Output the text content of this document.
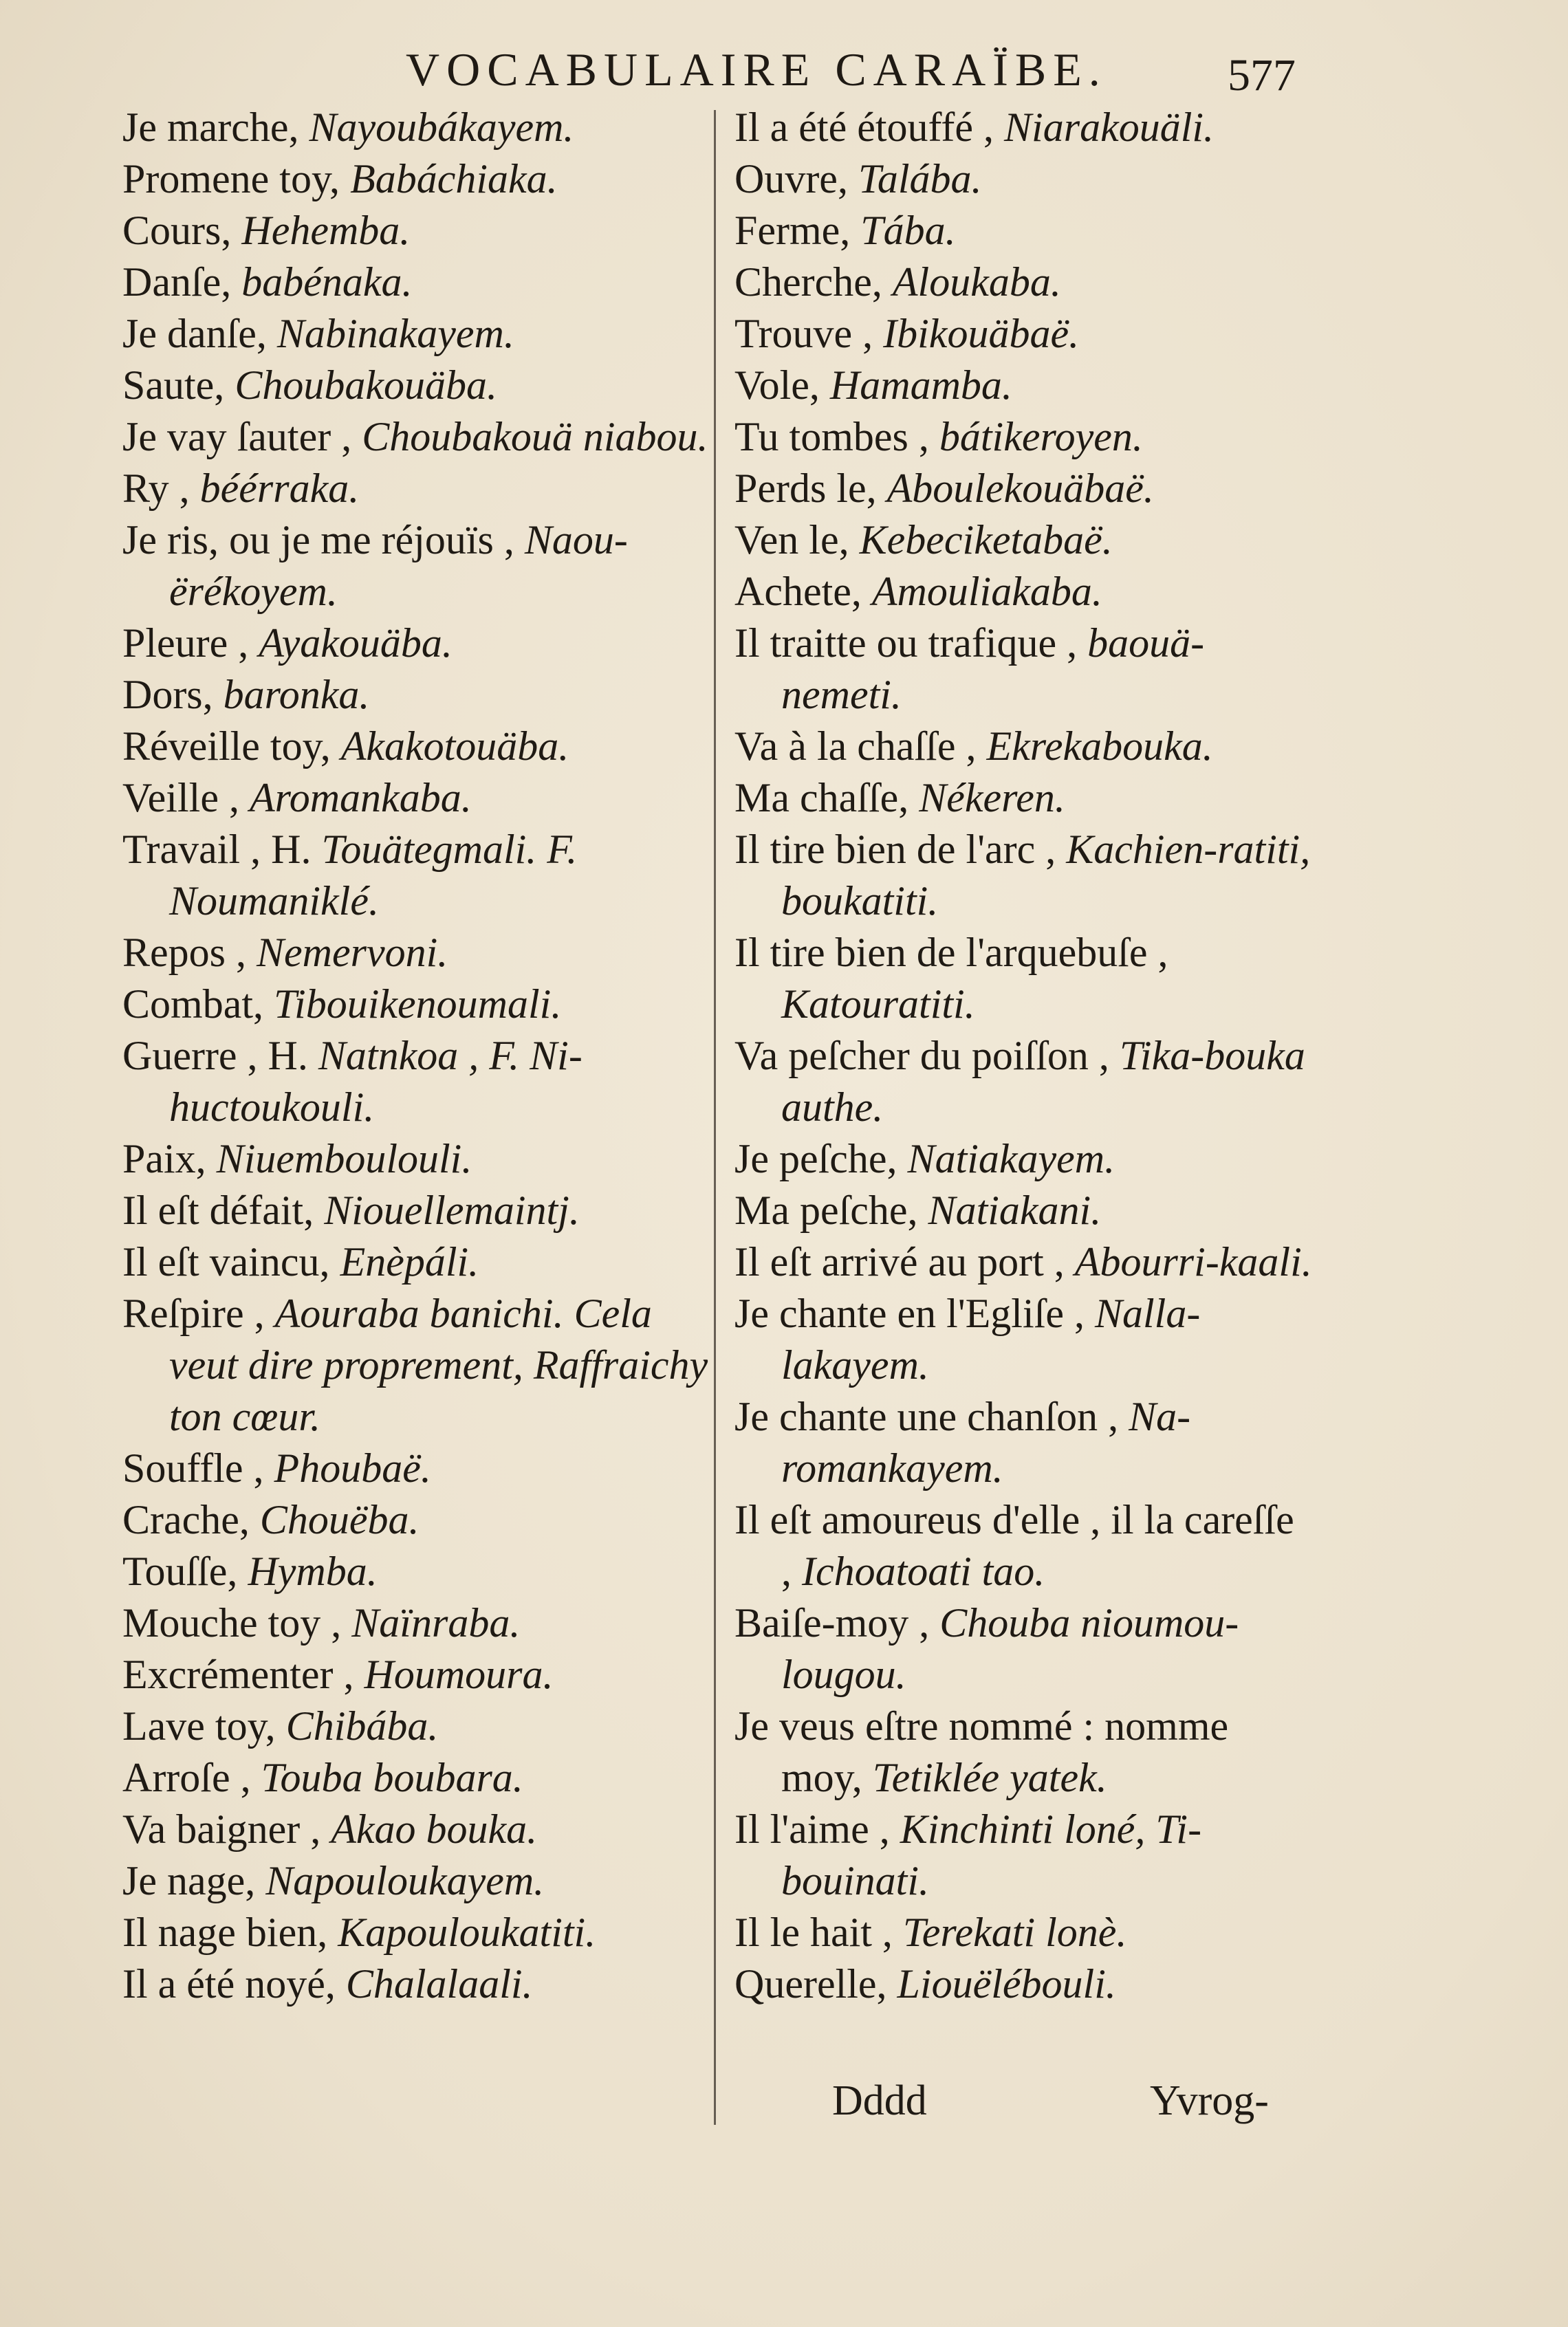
VOCABULAIRE CARAÏBE.	577

Je marche, Nayoubákayem.

Promene toy, Babáchiaka.

Cours, Hehemba.

Danſe, babénaka.

Je danſe, Nabinakayem.

Saute, Choubakouäba.

Je vay ſauter , Choubakouä niabou.

Ry , béérraka.

Je ris, ou je me réjouïs , Naou-ërékoyem.

Pleure , Ayakouäba.

Dors, baronka.

Réveille toy, Akakotouäba.

Veille , Aromankaba.

Travail , H. Touätegmali. F. Noumaniklé.

Repos , Nemervoni.

Combat, Tibouikenoumali.

Guerre , H. Natnkoa , F. Ni-huctoukouli.

Paix, Niuemboulouli.

Il eſt défait, Niouellemaintj.

Il eſt vaincu, Enèpáli.

Reſpire , Aouraba banichi. Cela veut dire proprement, Raffraichy ton cœur.

Souffle , Phoubaë.

Crache, Chouëba.

Touſſe, Hymba.

Mouche toy , Naïnraba.

Excrémenter , Houmoura.

Lave toy, Chibába.

Arroſe , Touba boubara.

Va baigner , Akao bouka.

Je nage, Napouloukayem.

Il nage bien, Kapouloukatiti.

Il a été noyé, Chalalaali.

Il a été étouffé , Niarakouäli.

Ouvre, Talába.

Ferme, Tába.

Cherche, Aloukaba.

Trouve , Ibikouäbaë.

Vole, Hamamba.

Tu tombes , bátikeroyen.

Perds le, Aboulekouäbaë.

Ven le, Kebeciketabaë.

Achete, Amouliakaba.

Il traitte ou trafique , baouä-nemeti.

Va à la chaſſe , Ekrekabouka.

Ma chaſſe, Nékeren.

Il tire bien de l'arc , Kachien-ratiti, boukatiti.

Il tire bien de l'arquebuſe , Katouratiti.

Va peſcher du poiſſon , Tika-bouka authe.

Je peſche, Natiakayem.

Ma peſche, Natiakani.

Il eſt arrivé au port , Abourri-kaali.

Je chante en l'Egliſe , Nalla-lakayem.

Je chante une chanſon , Na-romankayem.

Il eſt amoureus d'elle , il la careſſe , Ichoatoati tao.

Baiſe-moy , Chouba nioumou-lougou.

Je veus eſtre nommé : nomme moy, Tetiklée yatek.

Il l'aime , Kinchinti loné, Ti-bouinati.

Il le hait , Terekati lonè.

Querelle, Liouëlébouli.

Dddd	Yvrog-
